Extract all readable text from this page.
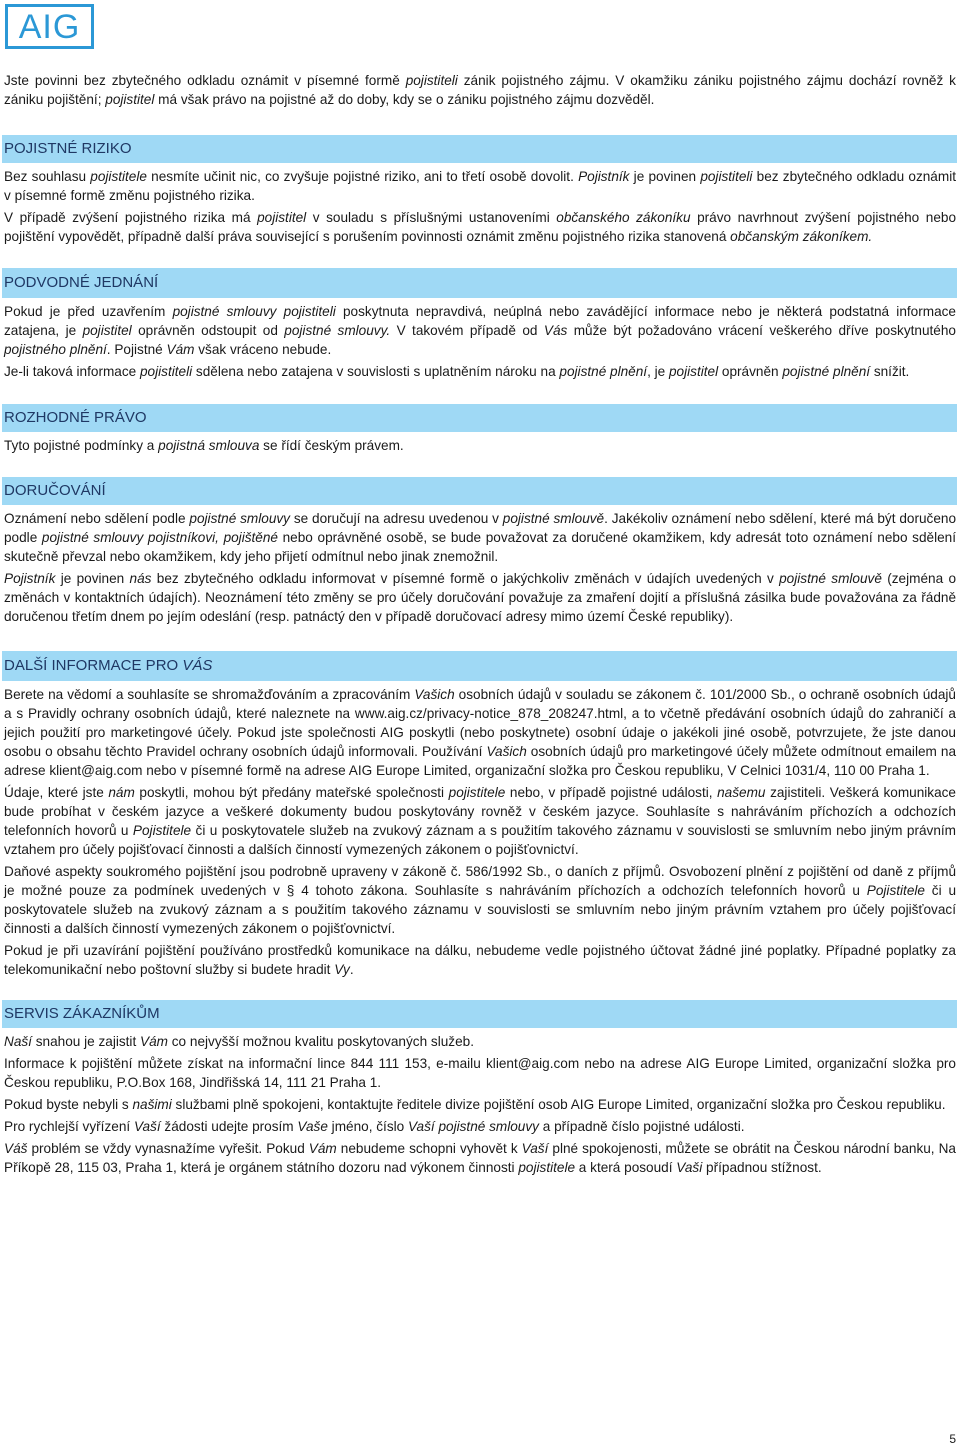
AIG

Jste povinni bez zbytečného odkladu oznámit v písemné formě pojistiteli zánik pojistného zájmu. V okamžiku zániku pojistného zájmu dochází rovněž k zániku pojištění; pojistitel má však právo na pojistné až do doby, kdy se o zániku pojistného zájmu dozvěděl.

POJISTNÉ RIZIKO

Bez souhlasu pojistitele nesmíte učinit nic, co zvyšuje pojistné riziko, ani to třetí osobě dovolit. Pojistník je povinen pojistiteli bez zbytečného odkladu oznámit v písemné formě změnu pojistného rizika.

V případě zvýšení pojistného rizika má pojistitel v souladu s příslušnými ustanoveními občanského zákoníku právo navrhnout zvýšení pojistného nebo pojištění vypovědět, případně další práva související s porušením povinnosti oznámit změnu pojistného rizika stanovená občanským zákoníkem.

PODVODNÉ JEDNÁNÍ

Pokud je před uzavřením pojistné smlouvy pojistiteli poskytnuta nepravdivá, neúplná nebo zavádějící informace nebo je některá podstatná informace zatajena, je pojistitel oprávněn odstoupit od pojistné smlouvy. V takovém případě od Vás může být požadováno vrácení veškerého dříve poskytnutého pojistného plnění. Pojistné Vám však vráceno nebude.

Je-li taková informace pojistiteli sdělena nebo zatajena v souvislosti s uplatněním nároku na pojistné plnění, je pojistitel oprávněn pojistné plnění snížit.

ROZHODNÉ PRÁVO

Tyto pojistné podmínky a pojistná smlouva se řídí českým právem.

DORUČOVÁNÍ

Oznámení nebo sdělení podle pojistné smlouvy se doručují na adresu uvedenou v pojistné smlouvě. Jakékoliv oznámení nebo sdělení, které má být doručeno podle pojistné smlouvy pojistníkovi, pojištěné nebo oprávněné osobě, se bude považovat za doručené okamžikem, kdy adresát toto oznámení nebo sdělení skutečně převzal nebo okamžikem, kdy jeho přijetí odmítnul nebo jinak znemožnil.

Pojistník je povinen nás bez zbytečného odkladu informovat v písemné formě o jakýchkoliv změnách v údajích uvedených v pojistné smlouvě (zejména o změnách v kontaktních údajích). Neoznámení této změny se pro účely doručování považuje za zmaření dojití a příslušná zásilka bude považována za řádně doručenou třetím dnem po jejím odeslání (resp. patnáctý den v případě doručovací adresy mimo území České republiky).

DALŠÍ INFORMACE PRO VÁS

Berete na vědomí a souhlasíte se shromažďováním a zpracováním Vašich osobních údajů v souladu se zákonem č. 101/2000 Sb., o ochraně osobních údajů a s Pravidly ochrany osobních údajů, které naleznete na www.aig.cz/privacy-notice_878_208247.html, a to včetně předávání osobních údajů do zahraničí a jejich použití pro marketingové účely. Pokud jste společnosti AIG poskytli (nebo poskytnete) osobní údaje o jakékoli jiné osobě, potvrzujete, že jste danou osobu o obsahu těchto Pravidel ochrany osobních údajů informovali. Používání Vašich osobních údajů pro marketingové účely můžete odmítnout emailem na adrese klient@aig.com nebo v písemné formě na adrese AIG Europe Limited, organizační složka pro Českou republiku, V Celnici 1031/4, 110 00 Praha 1.

Údaje, které jste nám poskytli, mohou být předány mateřské společnosti pojistitele nebo, v případě pojistné události, našemu zajistiteli. Veškerá komunikace bude probíhat v českém jazyce a veškeré dokumenty budou poskytovány rovněž v českém jazyce. Souhlasíte s nahráváním příchozích a odchozích telefonních hovorů u Pojistitele či u poskytovatele služeb na zvukový záznam a s použitím takového záznamu v souvislosti se smluvním nebo jiným právním vztahem pro účely pojišťovací činnosti a dalších činností vymezených zákonem o pojišťovnictví.

Daňové aspekty soukromého pojištění jsou podrobně upraveny v zákoně č. 586/1992 Sb., o daních z příjmů. Osvobození plnění z pojištění od daně z příjmů je možné pouze za podmínek uvedených v § 4 tohoto zákona. Souhlasíte s nahráváním příchozích a odchozích telefonních hovorů u Pojistitele či u poskytovatele služeb na zvukový záznam a s použitím takového záznamu v souvislosti se smluvním nebo jiným právním vztahem pro účely pojišťovací činnosti a dalších činností vymezených zákonem o pojišťovnictví.

Pokud je při uzavírání pojištění používáno prostředků komunikace na dálku, nebudeme vedle pojistného účtovat žádné jiné poplatky. Případné poplatky za telekomunikační nebo poštovní služby si budete hradit Vy.

SERVIS ZÁKAZNÍKŮM

Naší snahou je zajistit Vám co nejvyšší možnou kvalitu poskytovaných služeb.

Informace k pojištění můžete získat na informační lince 844 111 153, e-mailu klient@aig.com nebo na adrese AIG Europe Limited, organizační složka pro Českou republiku, P.O.Box 168, Jindřišská 14, 111 21 Praha 1.

Pokud byste nebyli s našimi službami plně spokojeni, kontaktujte ředitele divize pojištění osob AIG Europe Limited, organizační složka pro Českou republiku.

Pro rychlejší vyřízení Vaší žádosti udejte prosím Vaše jméno, číslo Vaší pojistné smlouvy a případně číslo pojistné události.

Váš problém se vždy vynasnažíme vyřešit. Pokud Vám nebudeme schopni vyhovět k Vaší plné spokojenosti, můžete se obrátit na Českou národní banku, Na Příkopě 28, 115 03, Praha 1, která je orgánem státního dozoru nad výkonem činnosti pojistitele a která posoudí Vaši případnou stížnost.

5
